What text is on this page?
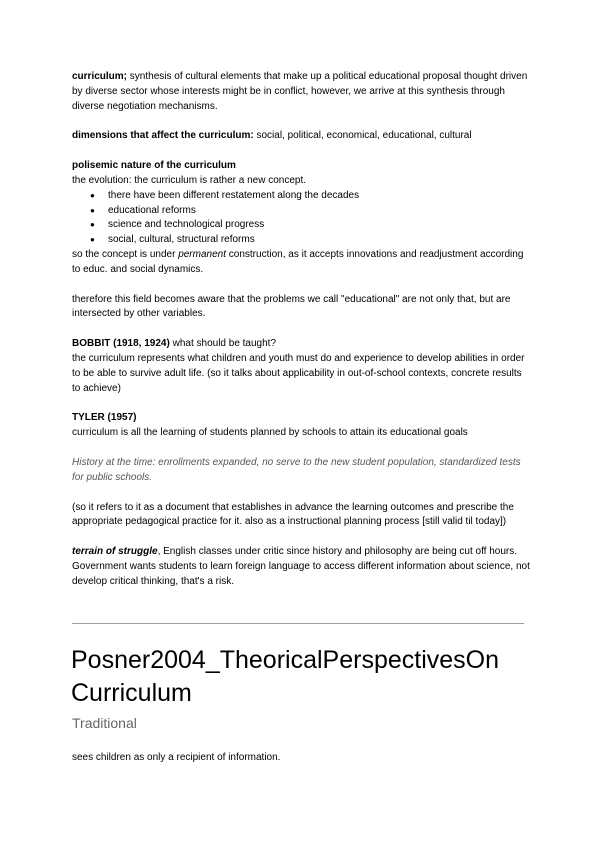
curriculum; synthesis of cultural elements that make up a political educational proposal thought driven by diverse sector whose interests might be in conflict, however, we arrive at this synthesis through diverse negotiation mechanisms.

dimensions that affect the curriculum: social, political, economical, educational, cultural

polisemic nature of the curriculum

the evolution: the curriculum is rather a new concept.

● there have been different restatement along the decades
● educational reforms
● science and technological progress
● social, cultural, structural reforms

so the concept is under permanent construction, as it accepts innovations and readjustment according to educ. and social dynamics.

therefore this field becomes aware that the problems we call "educational" are not only that, but are intersected by other variables.

BOBBIT (1918, 1924) what should be taught?

the curriculum represents what children and youth must do and experience to develop abilities in order to be able to survive adult life. (so it talks about applicability in out-of-school contexts, concrete results to achieve)

TYLER (1957)

curriculum is all the learning of students planned by schools to attain its educational goals

History at the time: enrollments expanded, no serve to the new student population, standardized tests for public schools.

(so it refers to it as a document that establishes in advance the learning outcomes and prescribe the appropriate pedagogical practice for it. also as a instructional planning process [still valid til today])

terrain of struggle, English classes under critic since history and philosophy are being cut off hours. Government wants students to learn foreign language to access different information about science, not develop critical thinking, that's a risk.

Posner2004_TheoricalPerspectivesOn Curriculum

Traditional

sees children as only a recipient of information.
